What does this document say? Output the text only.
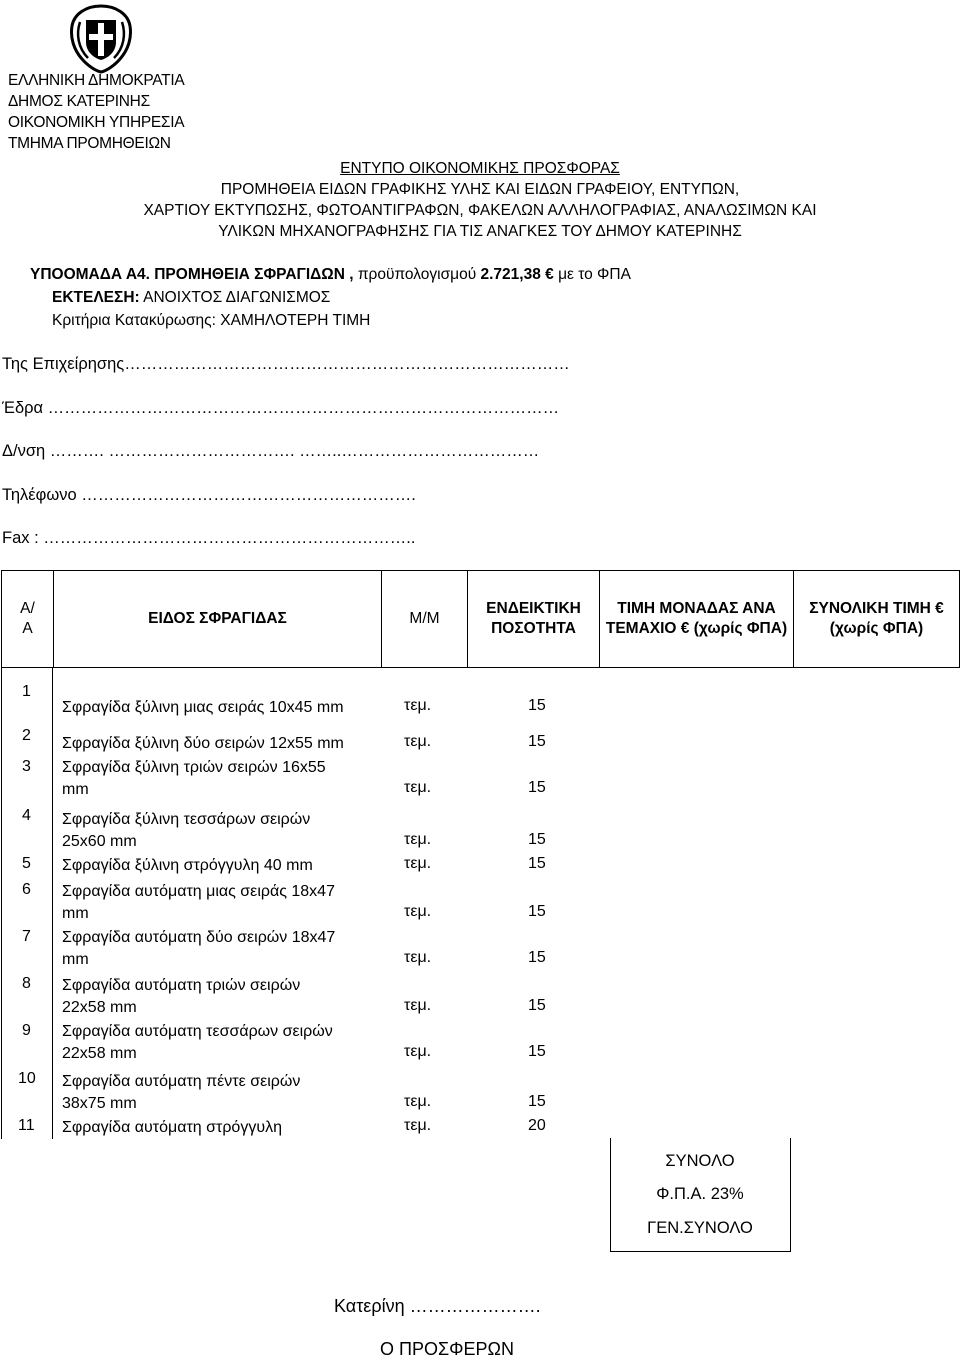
ΕΛΛΗΝΙΚΗ ΔΗΜΟΚΡΑΤΙΑ
ΔΗΜΟΣ ΚΑΤΕΡΙΝΗΣ
ΟΙΚΟΝΟΜΙΚΗ ΥΠΗΡΕΣΙΑ
ΤΜΗΜΑ ΠΡΟΜΗΘΕΙΩΝ
ΕΝΤΥΠΟ ΟΙΚΟΝΟΜΙΚΗΣ ΠΡΟΣΦΟΡΑΣ
ΠΡΟΜΗΘΕΙΑ ΕΙΔΩΝ ΓΡΑΦΙΚΗΣ ΥΛΗΣ ΚΑΙ ΕΙΔΩΝ ΓΡΑΦΕΙΟΥ, ΕΝΤΥΠΩΝ,
ΧΑΡΤΙΟΥ ΕΚΤΥΠΩΣΗΣ, ΦΩΤΟΑΝΤΙΓΡΑΦΩΝ, ΦΑΚΕΛΩΝ ΑΛΛΗΛΟΓΡΑΦΙΑΣ, ΑΝΑΛΩΣΙΜΩΝ ΚΑΙ
ΥΛΙΚΩΝ ΜΗΧΑΝΟΓΡΑΦΗΣΗΣ ΓΙΑ ΤΙΣ ΑΝΑΓΚΕΣ ΤΟΥ ΔΗΜΟΥ ΚΑΤΕΡΙΝΗΣ
ΥΠΟΟΜΑΔΑ Α4. ΠΡΟΜΗΘΕΙΑ ΣΦΡΑΓΙΔΩΝ , προϋπολογισμού 2.721,38 € με το ΦΠΑ
ΕΚΤΕΛΕΣΗ: ΑΝΟΙΧΤΟΣ ΔΙΑΓΩΝΙΣΜΟΣ
Κριτήρια Κατακύρωσης: ΧΑΜΗΛΟΤΕΡΗ ΤΙΜΗ
Της Επιχείρησης………………………………………………………………………
Έδρα …………………………………………………………………………………
Δ/νση ………. ……………………………. ……..………………………………
Τηλέφωνο …………………………………………………….
Fax : …………………………………………………………..
Α/
Α	ΕΙΔΟΣ ΣΦΡΑΓΙΔΑΣ	Μ/Μ	ΕΝΔΕΙΚΤΙΚΗ ΠΟΣΟΤΗΤΑ	ΤΙΜΗ ΜΟΝΑΔΑΣ ΑΝΑ ΤΕΜΑΧΙΟ € (χωρίς ΦΠΑ)	ΣΥΝΟΛΙΚΗ ΤΙΜΗ € (χωρίς ΦΠΑ)
1
Σφραγίδα ξύλινη μιας σειράς 10x45 mm	τεμ.	15
2 Σφραγίδα ξύλινη δύο σειρών 12x55 mm	τεμ.	15
3 Σφραγίδα ξύλινη τριών σειρών 16x55
mm	τεμ.	15
4 Σφραγίδα ξύλινη τεσσάρων σειρών
25x60 mm	τεμ.	15
5 Σφραγίδα ξύλινη στρόγγυλη 40 mm	τεμ.	15
6 Σφραγίδα αυτόματη μιας σειράς 18x47
mm	τεμ.	15
7 Σφραγίδα αυτόματη δύο σειρών 18x47
mm	τεμ.	15
8 Σφραγίδα αυτόματη τριών σειρών
22x58 mm	τεμ.	15
9 Σφραγίδα αυτόματη τεσσάρων σειρών
22x58 mm	τεμ.	15
10 Σφραγίδα αυτόματη πέντε σειρών
38x75 mm	τεμ.	15
11 Σφραγίδα αυτόματη στρόγγυλη	τεμ.	20
ΣΥΝΟΛΟ
Φ.Π.Α. 23%
ΓΕΝ.ΣΥΝΟΛΟ
Κατερίνη ………………….
Ο ΠΡΟΣΦΕΡΩΝ
